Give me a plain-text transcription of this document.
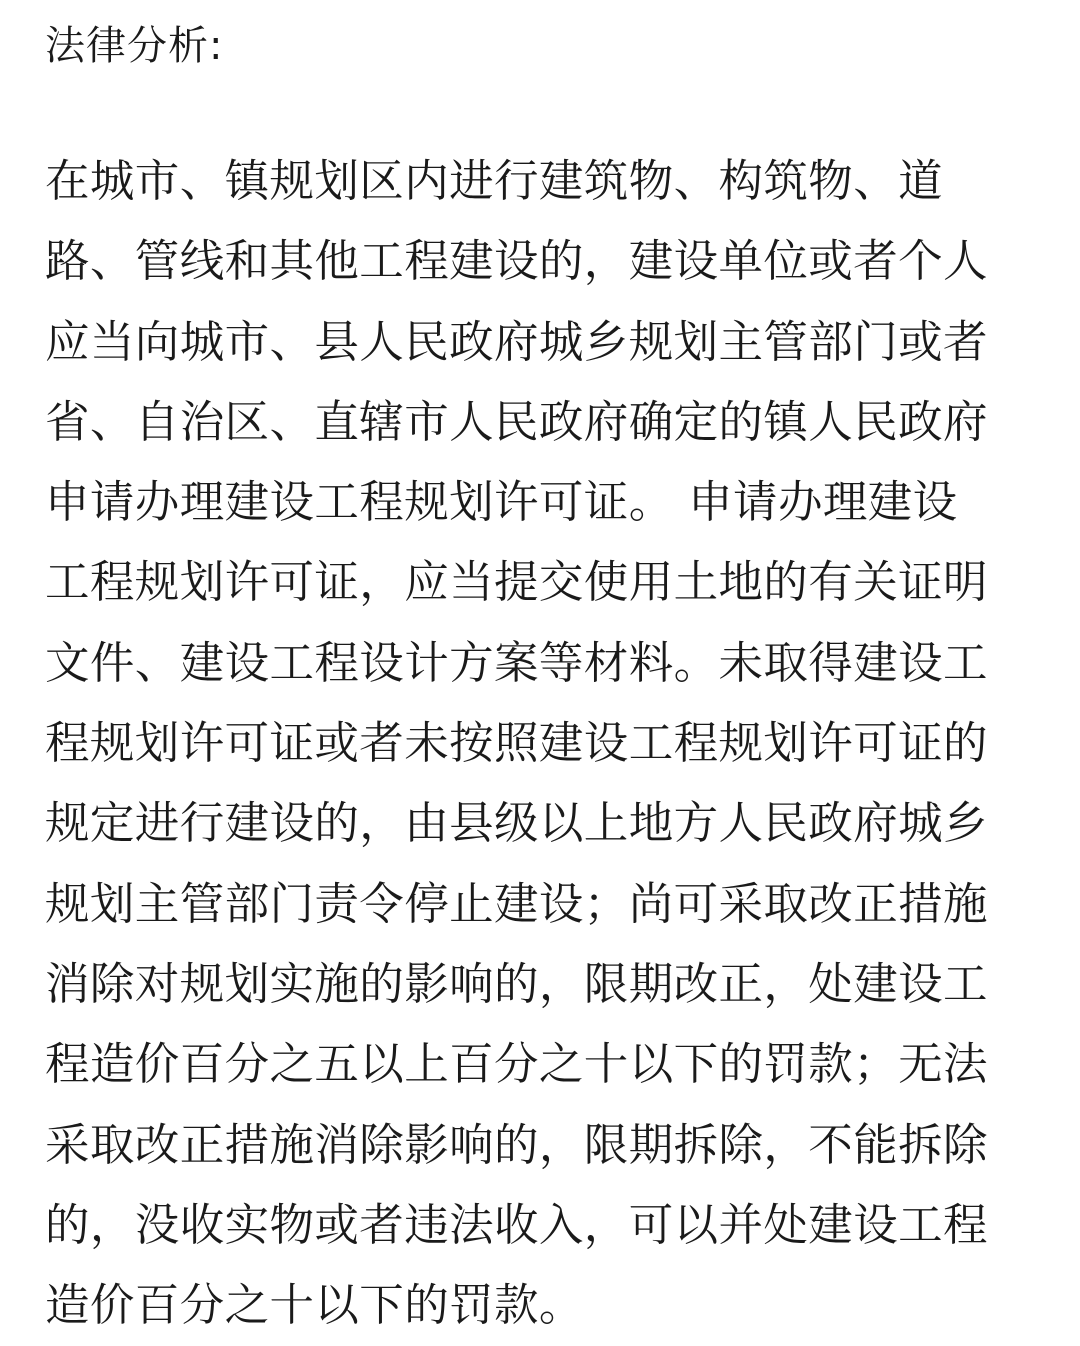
法律分析:
在城市、镇规划区内进行建筑物、构筑物、道
路、管线和其他工程建设的，建设单位或者个人
应当向城市、县人民政府城乡规划主管部门或者
省、自治区、直辖市人民政府确定的镇人民政府
申请办理建设工程规划许可证。 申请办理建设
工程规划许可证，应当提交使用土地的有关证明
文件、建设工程设计方案等材料。未取得建设工
程规划许可证或者未按照建设工程规划许可证的
规定进行建设的，由县级以上地方人民政府城乡
规划主管部门责令停止建设；尚可采取改正措施
消除对规划实施的影响的，限期改正，处建设工
程造价百分之五以上百分之十以下的罚款；无法
采取改正措施消除影响的，限期拆除，不能拆除
的，没收实物或者违法收入，可以并处建设工程
造价百分之十以下的罚款。
